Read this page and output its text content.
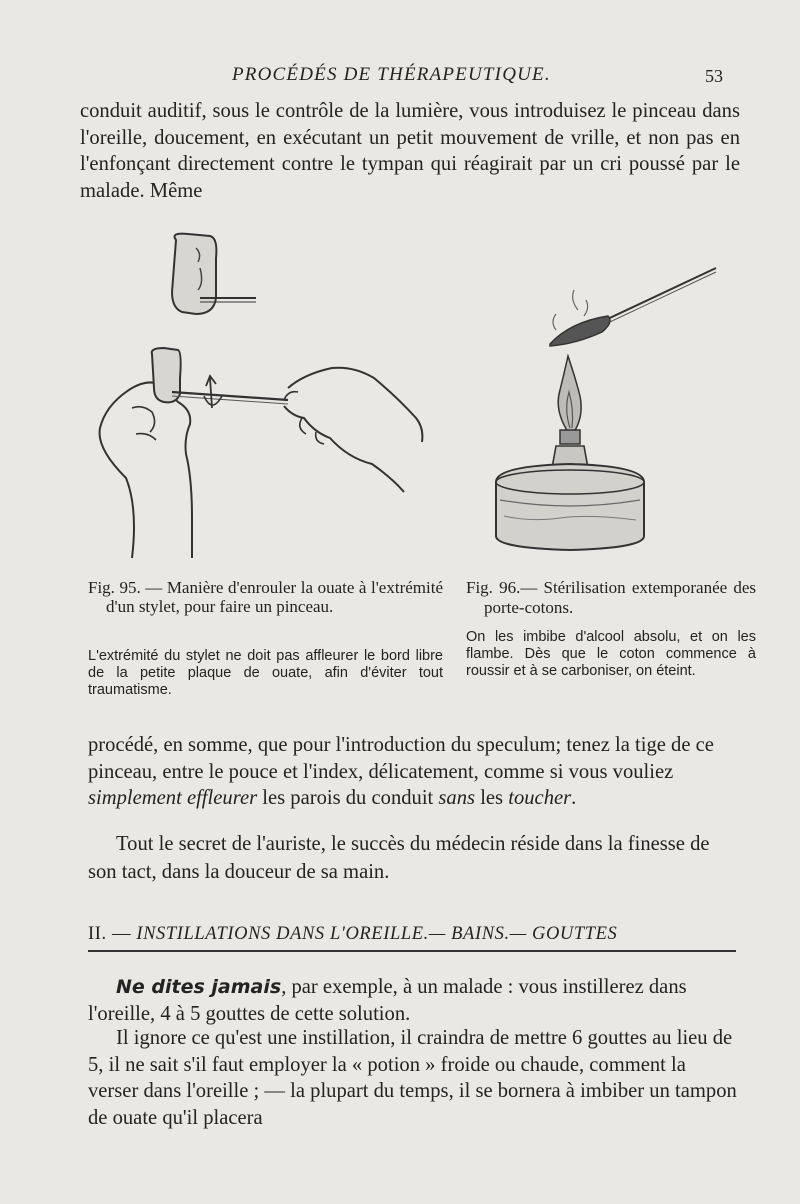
PROCÉDÉS DE THÉRAPEUTIQUE.	53
conduit auditif, sous le contrôle de la lumière, vous introduisez le pinceau dans l'oreille, doucement, en exécutant un petit mouvement de vrille, et non pas en l'enfonçant directement contre le tympan qui réagirait par un cri poussé par le malade. Même
Fig. 95. — Manière d'enrouler la ouate à l'extrémité d'un stylet, pour faire un pinceau.
L'extrémité du stylet ne doit pas affleurer le bord libre de la petite plaque de ouate, afin d'éviter tout traumatisme.
Fig. 96.— Stérilisation extemporanée des porte-cotons.
On les imbibe d'alcool absolu, et on les flambe. Dès que le coton commence à roussir et à se carboniser, on éteint.
procédé, en somme, que pour l'introduction du speculum; tenez la tige de ce pinceau, entre le pouce et l'index, délicatement, comme si vous vouliez simplement effleurer les parois du conduit sans les toucher.
Tout le secret de l'auriste, le succès du médecin réside dans la finesse de son tact, dans la douceur de sa main.
II. — INSTILLATIONS DANS L'OREILLE.— BAINS.— GOUTTES
Ne dites jamais, par exemple, à un malade : vous instillerez dans l'oreille, 4 à 5 gouttes de cette solution.
Il ignore ce qu'est une instillation, il craindra de mettre 6 gouttes au lieu de 5, il ne sait s'il faut employer la « potion » froide ou chaude, comment la verser dans l'oreille ; — la plupart du temps, il se bornera à imbiber un tampon de ouate qu'il placera
